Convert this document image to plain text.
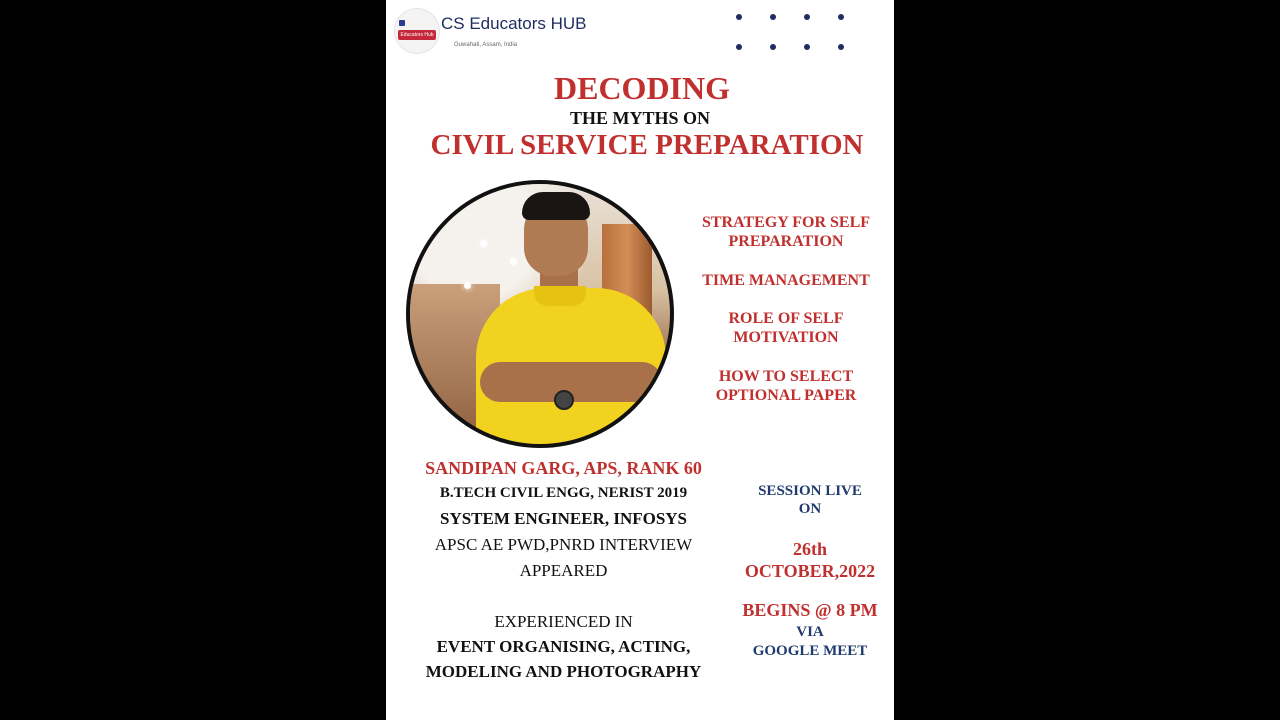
Educators Hub
CS Educators HUB
Guwahati, Assam, India
DECODING
THE MYTHS ON
CIVIL SERVICE PREPARATION
STRATEGY FOR SELF PREPARATION
TIME MANAGEMENT
ROLE OF SELF MOTIVATION
HOW TO SELECT OPTIONAL PAPER
SANDIPAN GARG, APS, RANK 60
B.TECH CIVIL ENGG, NERIST 2019
SYSTEM ENGINEER, INFOSYS
APSC AE PWD,PNRD INTERVIEW
APPEARED
EXPERIENCED IN
EVENT ORGANISING, ACTING,
MODELING AND PHOTOGRAPHY
SESSION LIVE
ON
26th
OCTOBER,2022
BEGINS @ 8 PM
VIA
GOOGLE MEET
